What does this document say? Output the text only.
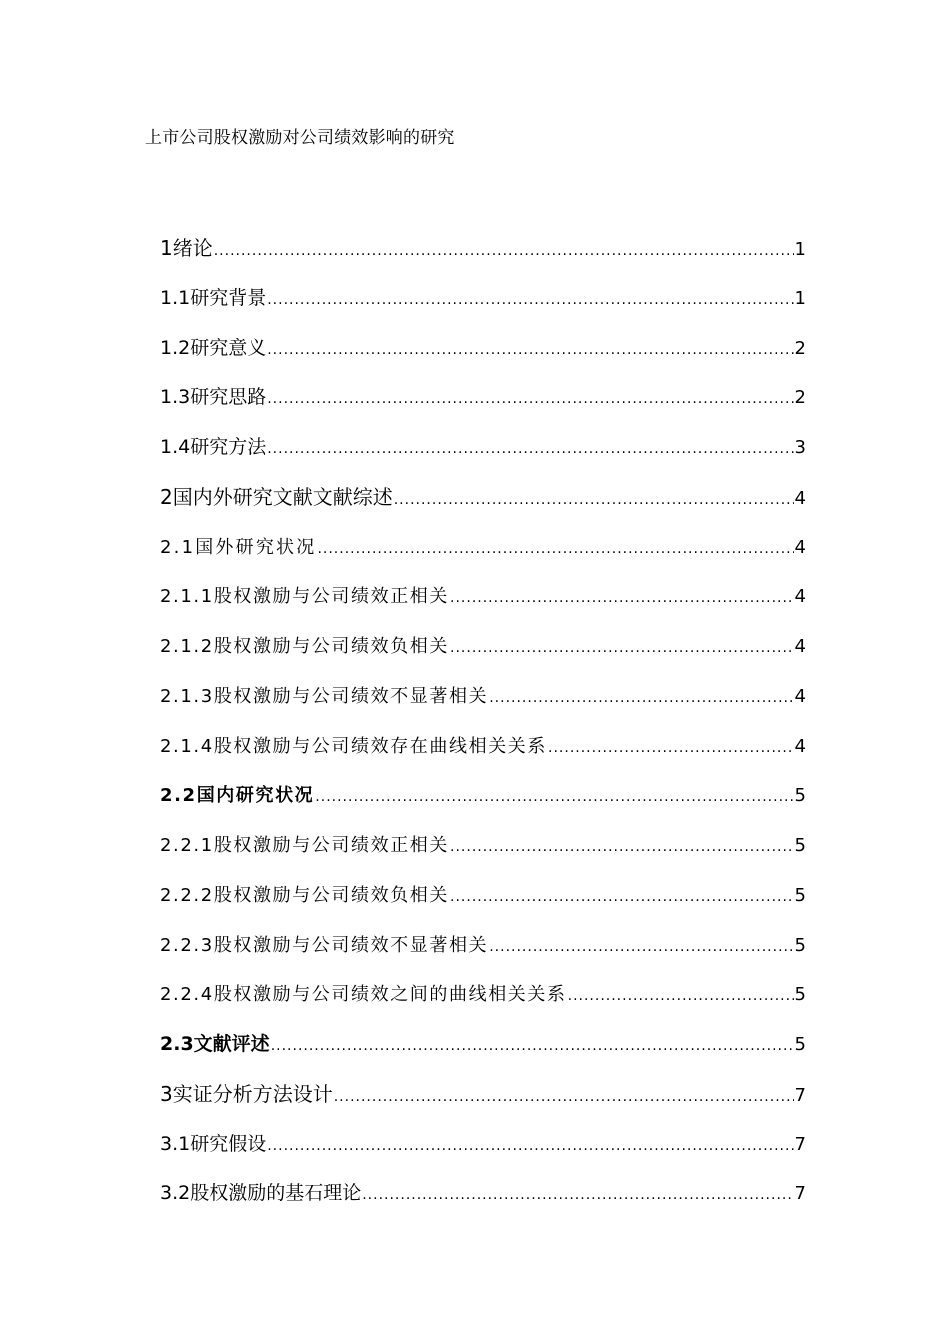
上市公司股权激励对公司绩效影响的研究
1 绪论 .....	1
1.1 研究背景 .....	1
1.2 研究意义 .....	2
1.3 研究思路 .....	2
1.4 研究方法 .....	3
2 国内外研究文献文献综述 .....	4
2.1 国外研究状况 .....	4
2.1.1 股权激励与公司绩效正相关 .....	4
2.1.2 股权激励与公司绩效负相关 .....	4
2.1.3 股权激励与公司绩效不显著相关 .....	4
2.1.4 股权激励与公司绩效存在曲线相关关系 .....	4
2.2 国内研究状况 .....	5
2.2.1 股权激励与公司绩效正相关 .....	5
2.2.2 股权激励与公司绩效负相关 .....	5
2.2.3 股权激励与公司绩效不显著相关 .....	5
2.2.4 股权激励与公司绩效之间的曲线相关关系 .....	5
2.3 文献评述 .....	5
3 实证分析方法设计 .....	7
3.1 研究假设 .....	7
3.2 股权激励的基石理论 .....	7
